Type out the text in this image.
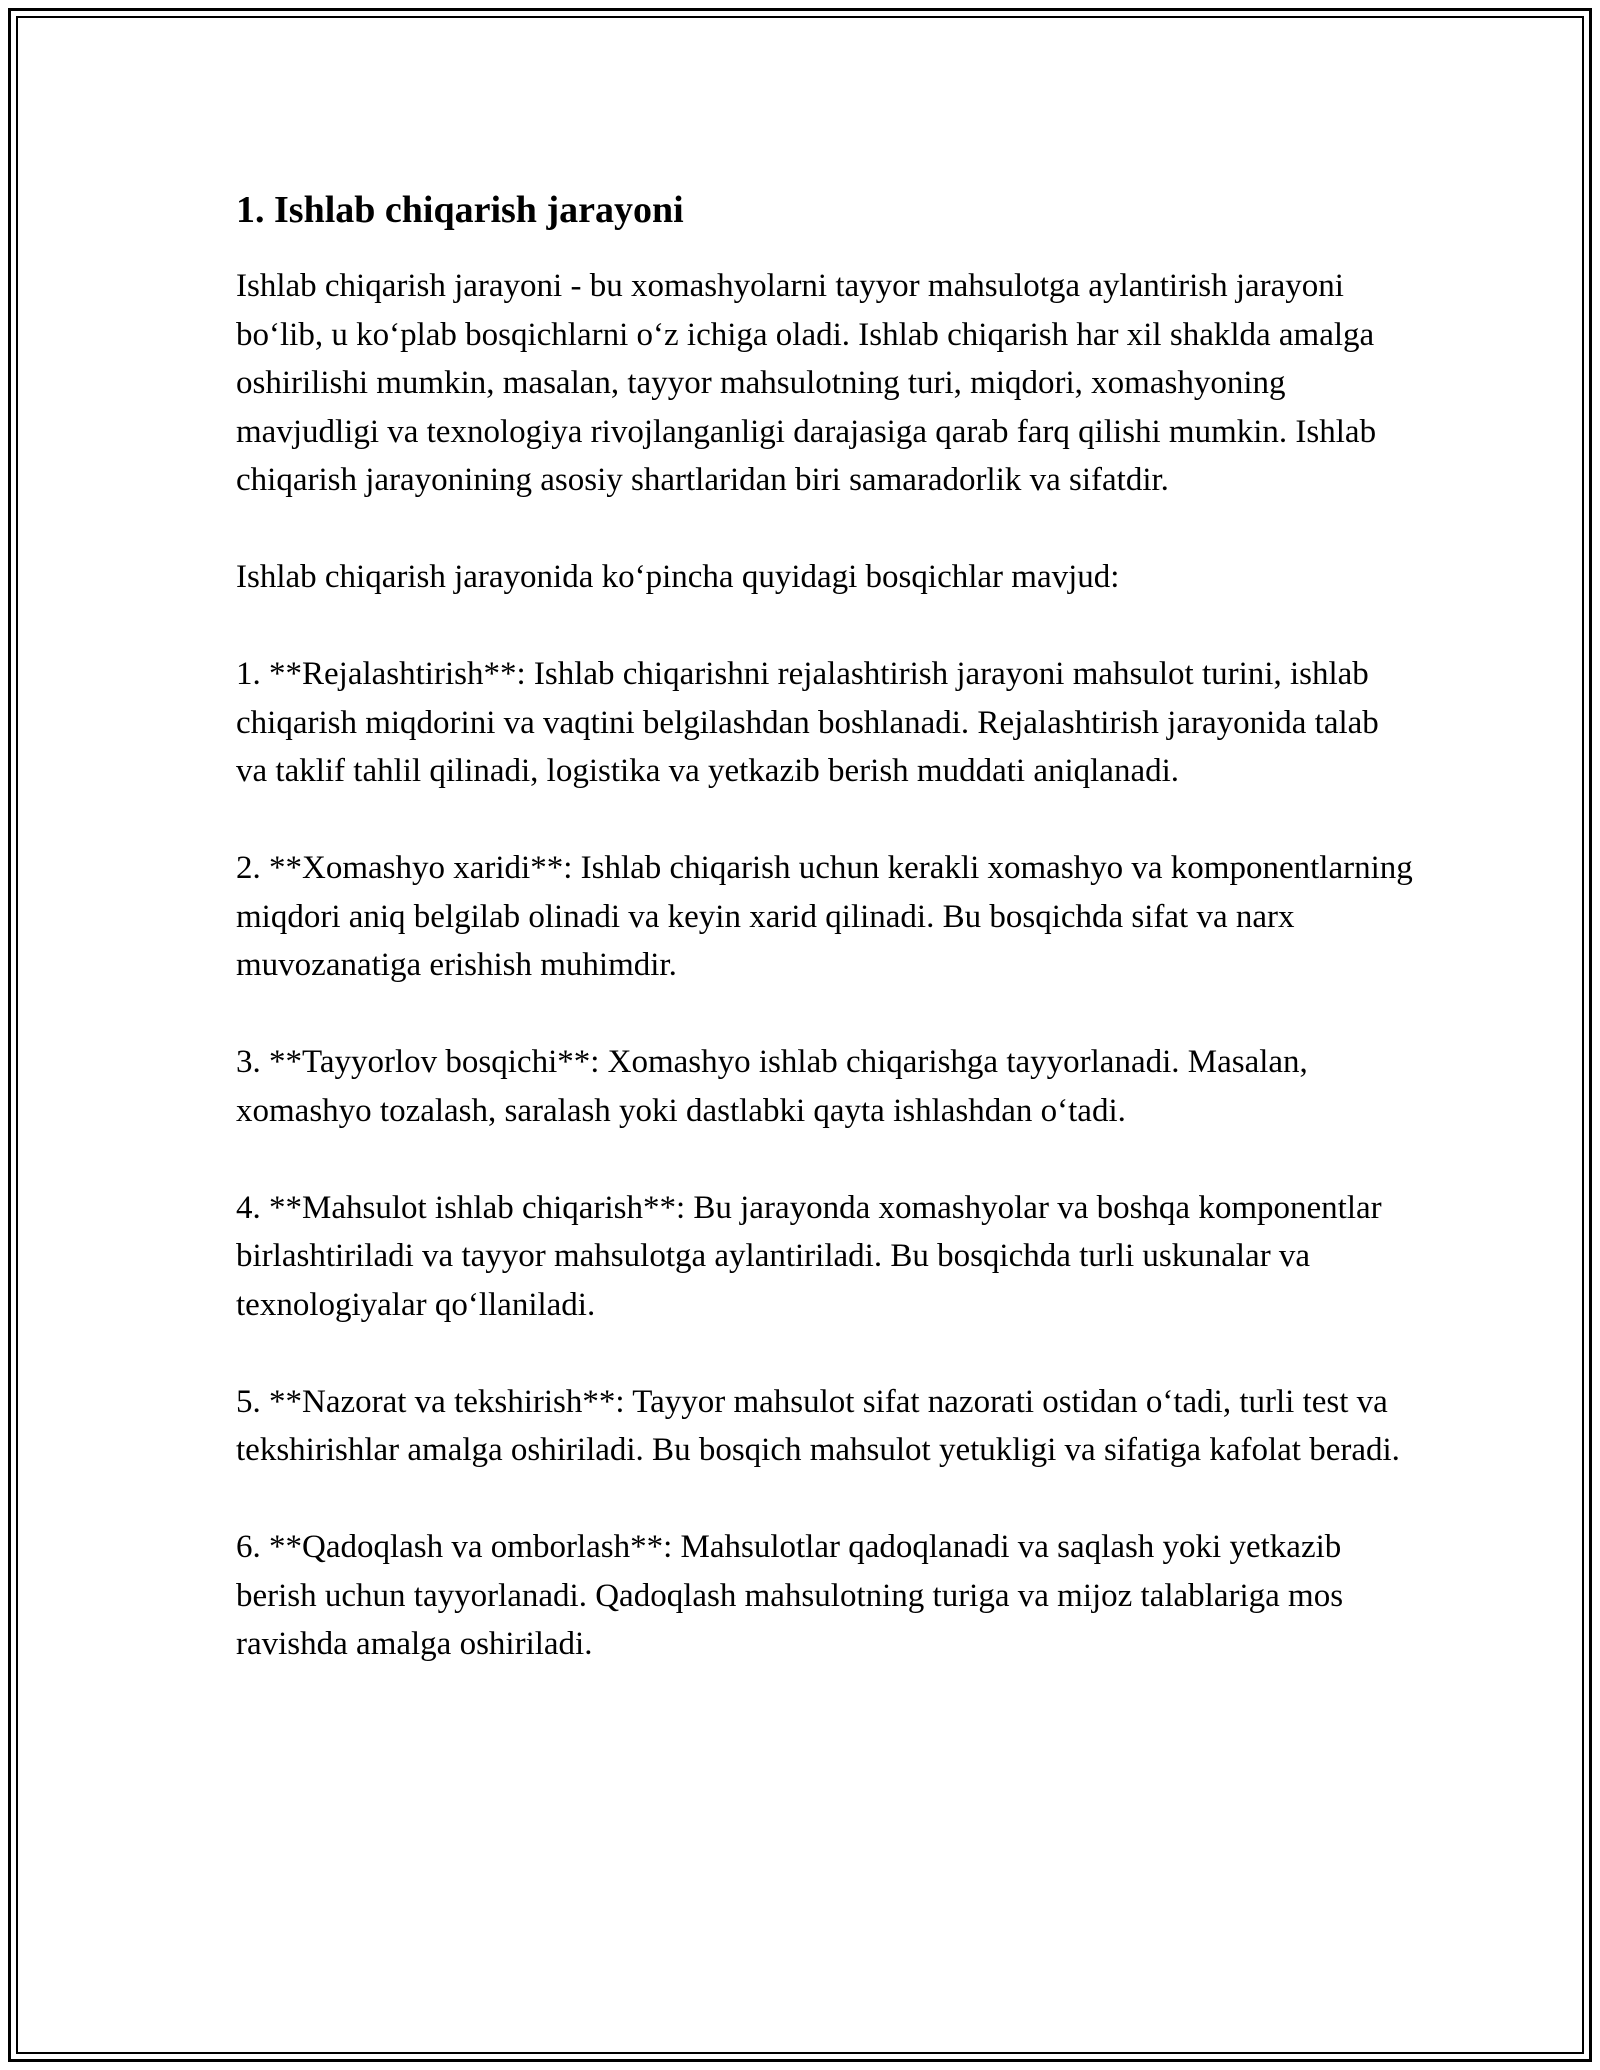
1. Ishlab chiqarish jarayoni

Ishlab chiqarish jarayoni - bu xomashyolarni tayyor mahsulotga aylantirish jarayoni bo‘lib, u ko‘plab bosqichlarni o‘z ichiga oladi. Ishlab chiqarish har xil shaklda amalga oshirilishi mumkin, masalan, tayyor mahsulotning turi, miqdori, xomashyoning mavjudligi va texnologiya rivojlanganligi darajasiga qarab farq qilishi mumkin. Ishlab chiqarish jarayonining asosiy shartlaridan biri samaradorlik va sifatdir.

Ishlab chiqarish jarayonida ko‘pincha quyidagi bosqichlar mavjud:

1. **Rejalashtirish**: Ishlab chiqarishni rejalashtirish jarayoni mahsulot turini, ishlab chiqarish miqdorini va vaqtini belgilashdan boshlanadi. Rejalashtirish jarayonida talab va taklif tahlil qilinadi, logistika va yetkazib berish muddati aniqlanadi.

2. **Xomashyo xaridi**: Ishlab chiqarish uchun kerakli xomashyo va komponentlarning miqdori aniq belgilab olinadi va keyin xarid qilinadi. Bu bosqichda sifat va narx muvozanatiga erishish muhimdir.

3. **Tayyorlov bosqichi**: Xomashyo ishlab chiqarishga tayyorlanadi. Masalan, xomashyo tozalash, saralash yoki dastlabki qayta ishlashdan o‘tadi.

4. **Mahsulot ishlab chiqarish**: Bu jarayonda xomashyolar va boshqa komponentlar birlashtiriladi va tayyor mahsulotga aylantiriladi. Bu bosqichda turli uskunalar va texnologiyalar qo‘llaniladi.

5. **Nazorat va tekshirish**: Tayyor mahsulot sifat nazorati ostidan o‘tadi, turli test va tekshirishlar amalga oshiriladi. Bu bosqich mahsulot yetukligi va sifatiga kafolat beradi.

6. **Qadoqlash va omborlash**: Mahsulotlar qadoqlanadi va saqlash yoki yetkazib berish uchun tayyorlanadi. Qadoqlash mahsulotning turiga va mijoz talablariga mos ravishda amalga oshiriladi.
